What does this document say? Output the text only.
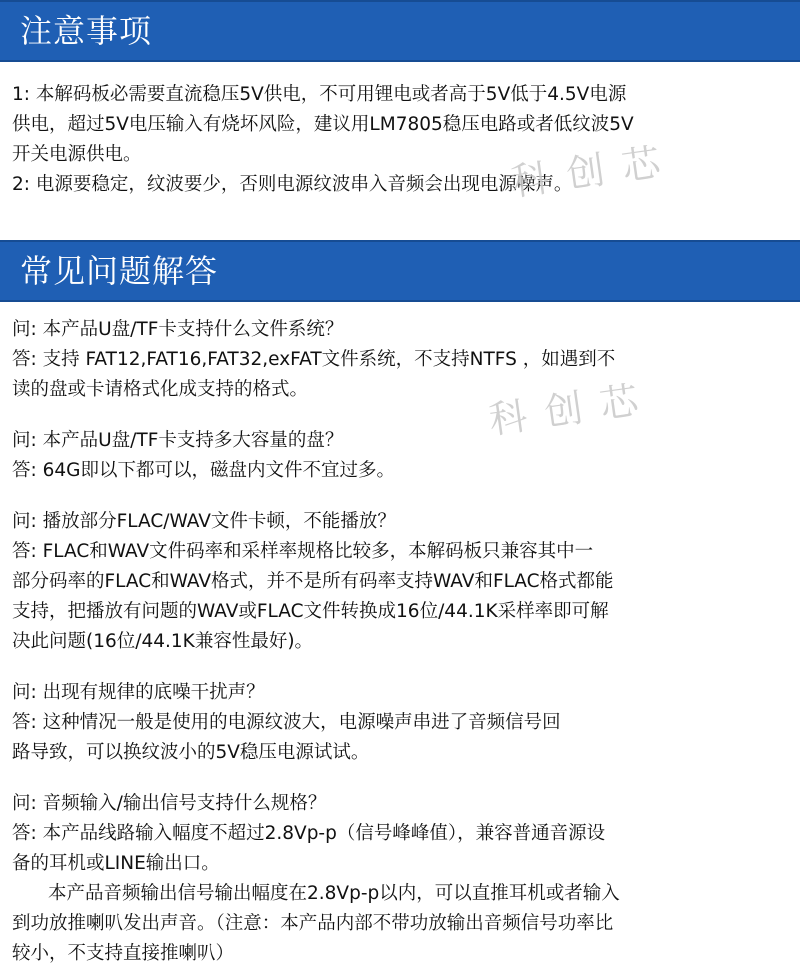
注意事项
1: 本解码板必需要直流稳压5V供电，不可用锂电或者高于5V低于4.5V电源
供电，超过5V电压输入有烧坏风险，建议用LM7805稳压电路或者低纹波5V
开关电源供电。
2: 电源要稳定，纹波要少，否则电源纹波串入音频会出现电源噪声。
常见问题解答
问: 本产品U盘/TF卡支持什么文件系统？
答: 支持 FAT12,FAT16,FAT32,exFAT文件系统，不支持NTFS ，如遇到不
读的盘或卡请格式化成支持的格式。
问: 本产品U盘/TF卡支持多大容量的盘？
答: 64G即以下都可以，磁盘内文件不宜过多。
问: 播放部分FLAC/WAV文件卡顿，不能播放？
答: FLAC和WAV文件码率和采样率规格比较多，本解码板只兼容其中一
部分码率的FLAC和WAV格式，并不是所有码率支持WAV和FLAC格式都能
支持，把播放有问题的WAV或FLAC文件转换成16位/44.1K采样率即可解
决此问题(16位/44.1K兼容性最好)。
问: 出现有规律的底噪干扰声？
答: 这种情况一般是使用的电源纹波大，电源噪声串进了音频信号回
路导致，可以换纹波小的5V稳压电源试试。
问: 音频输入/输出信号支持什么规格？
答: 本产品线路输入幅度不超过2.8Vp-p（信号峰峰值），兼容普通音源设
备的耳机或LINE输出口。
本产品音频输出信号输出幅度在2.8Vp-p以内，可以直推耳机或者输入
到功放推喇叭发出声音。（注意：本产品内部不带功放输出音频信号功率比
较小，不支持直接推喇叭）
科创芯
科创芯
